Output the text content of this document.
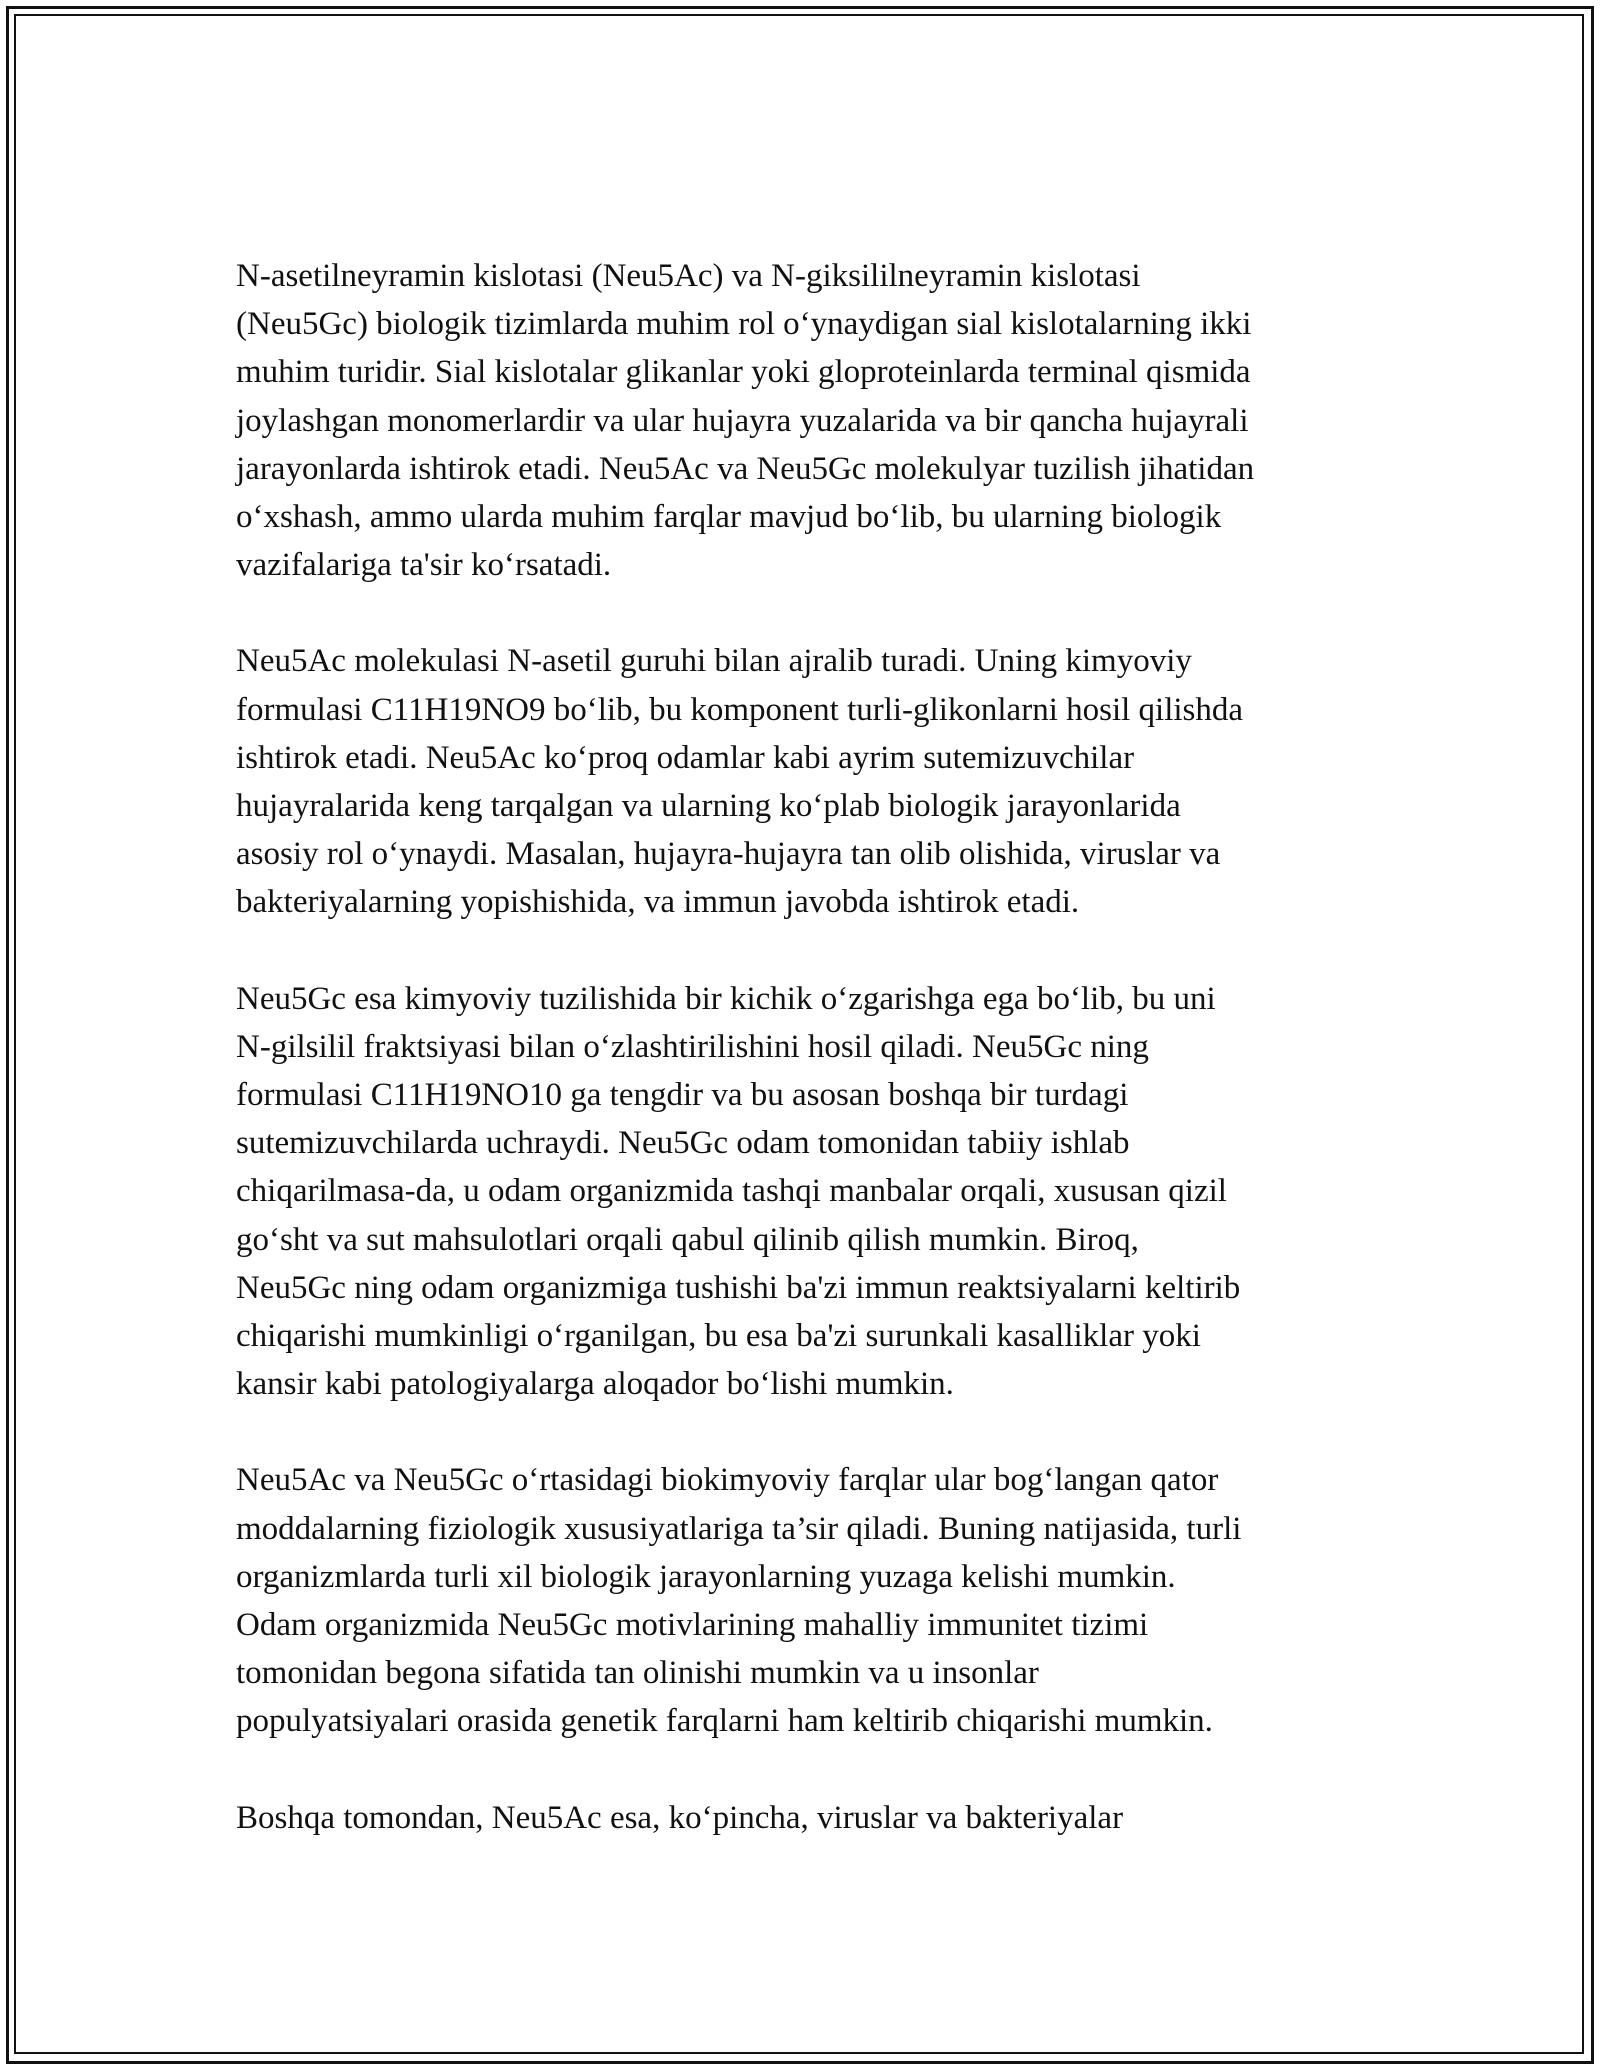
N-asetilneyramin kislotasi (Neu5Ac) va N-giksililneyramin kislotasi
(Neu5Gc) biologik tizimlarda muhim rol oʻynaydigan sial kislotalarning ikki
muhim turidir. Sial kislotalar glikanlar yoki gloproteinlarda terminal qismida
joylashgan monomerlardir va ular hujayra yuzalarida va bir qancha hujayrali
jarayonlarda ishtirok etadi. Neu5Ac va Neu5Gc molekulyar tuzilish jihatidan
oʻxshash, ammo ularda muhim farqlar mavjud boʻlib, bu ularning biologik
vazifalariga ta'sir koʻrsatadi.

Neu5Ac molekulasi N-asetil guruhi bilan ajralib turadi. Uning kimyoviy
formulasi C11H19NO9 boʻlib, bu komponent turli-glikonlarni hosil qilishda
ishtirok etadi. Neu5Ac koʻproq odamlar kabi ayrim sutemizuvchilar
hujayralarida keng tarqalgan va ularning koʻplab biologik jarayonlarida
asosiy rol oʻynaydi. Masalan, hujayra-hujayra tan olib olishida, viruslar va
bakteriyalarning yopishishida, va immun javobda ishtirok etadi.

Neu5Gc esa kimyoviy tuzilishida bir kichik oʻzgarishga ega boʻlib, bu uni
N-gilsilil fraktsiyasi bilan oʻzlashtirilishini hosil qiladi. Neu5Gc ning
formulasi C11H19NO10 ga tengdir va bu asosan boshqa bir turdagi
sutemizuvchilarda uchraydi. Neu5Gc odam tomonidan tabiiy ishlab
chiqarilmasa-da, u odam organizmida tashqi manbalar orqali, xususan qizil
goʻsht va sut mahsulotlari orqali qabul qilinib qilish mumkin. Biroq,
Neu5Gc ning odam organizmiga tushishi ba'zi immun reaktsiyalarni keltirib
chiqarishi mumkinligi oʻrganilgan, bu esa ba'zi surunkali kasalliklar yoki
kansir kabi patologiyalarga aloqador boʻlishi mumkin.

Neu5Ac va Neu5Gc oʻrtasidagi biokimyoviy farqlar ular bogʻlangan qator
moddalarning fiziologik xususiyatlariga ta’sir qiladi. Buning natijasida, turli
organizmlarda turli xil biologik jarayonlarning yuzaga kelishi mumkin.
Odam organizmida Neu5Gc motivlarining mahalliy immunitet tizimi
tomonidan begona sifatida tan olinishi mumkin va u insonlar
populyatsiyalari orasida genetik farqlarni ham keltirib chiqarishi mumkin.

Boshqa tomondan, Neu5Ac esa, koʻpincha, viruslar va bakteriyalar
